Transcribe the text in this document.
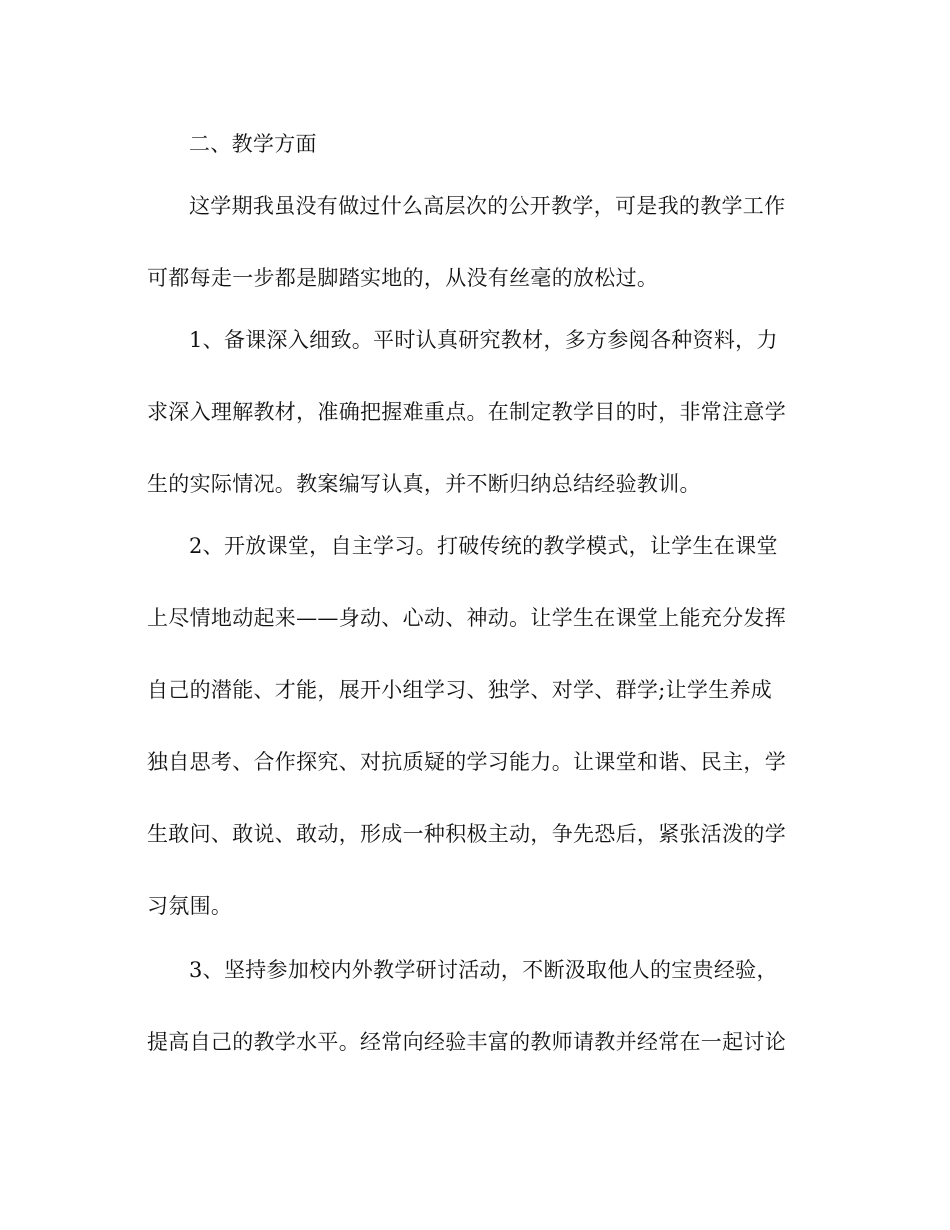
二、教学方面
这学期我虽没有做过什么高层次的公开教学，可是我的教学工作
可都每走一步都是脚踏实地的，从没有丝毫的放松过。
1、备课深入细致。平时认真研究教材，多方参阅各种资料，力
求深入理解教材，准确把握难重点。在制定教学目的时，非常注意学
生的实际情况。教案编写认真，并不断归纳总结经验教训。
2、开放课堂，自主学习。打破传统的教学模式，让学生在课堂
上尽情地动起来——身动、心动、神动。让学生在课堂上能充分发挥
自己的潜能、才能，展开小组学习、独学、对学、群学;让学生养成
独自思考、合作探究、对抗质疑的学习能力。让课堂和谐、民主，学
生敢问、敢说、敢动，形成一种积极主动，争先恐后，紧张活泼的学
习氛围。
3、坚持参加校内外教学研讨活动，不断汲取他人的宝贵经验，
提高自己的教学水平。经常向经验丰富的教师请教并经常在一起讨论
